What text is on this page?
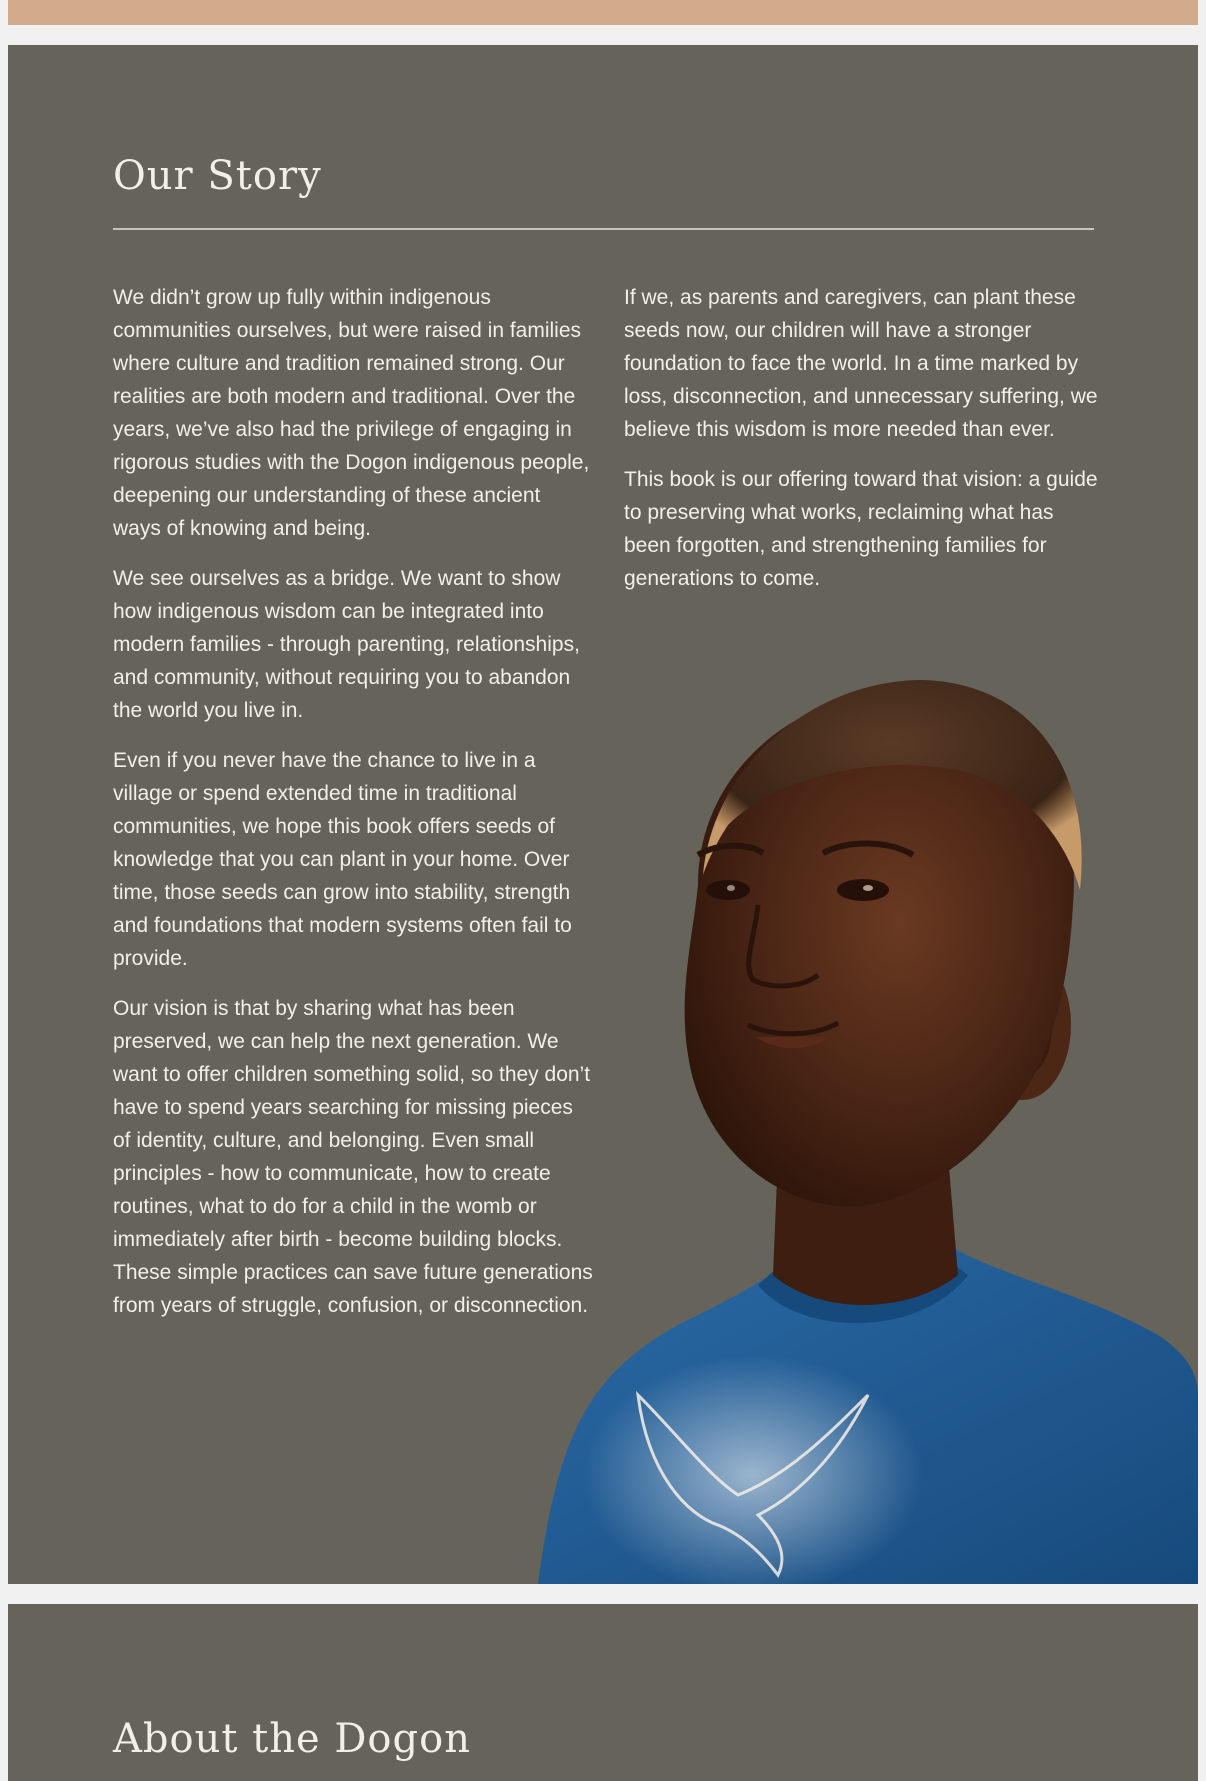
Our Story

We didn’t grow up fully within indigenous communities ourselves, but were raised in families where culture and tradition remained strong. Our realities are both modern and traditional. Over the years, we’ve also had the privilege of engaging in rigorous studies with the Dogon indigenous people, deepening our understanding of these ancient ways of knowing and being.

We see ourselves as a bridge. We want to show how indigenous wisdom can be integrated into modern families - through parenting, relationships, and community, without requiring you to abandon the world you live in.

Even if you never have the chance to live in a village or spend extended time in traditional communities, we hope this book offers seeds of knowledge that you can plant in your home. Over time, those seeds can grow into stability, strength and foundations that modern systems often fail to provide.

Our vision is that by sharing what has been preserved, we can help the next generation. We want to offer children something solid, so they don’t have to spend years searching for missing pieces of identity, culture, and belonging. Even small principles - how to communicate, how to create routines, what to do for a child in the womb or immediately after birth - become building blocks. These simple practices can save future generations from years of struggle, confusion, or disconnection.

If we, as parents and caregivers, can plant these seeds now, our children will have a stronger foundation to face the world. In a time marked by loss, disconnection, and unnecessary suffering, we believe this wisdom is more needed than ever.

This book is our offering toward that vision: a guide to preserving what works, reclaiming what has been forgotten, and strengthening families for generations to come.

About the Dogon
